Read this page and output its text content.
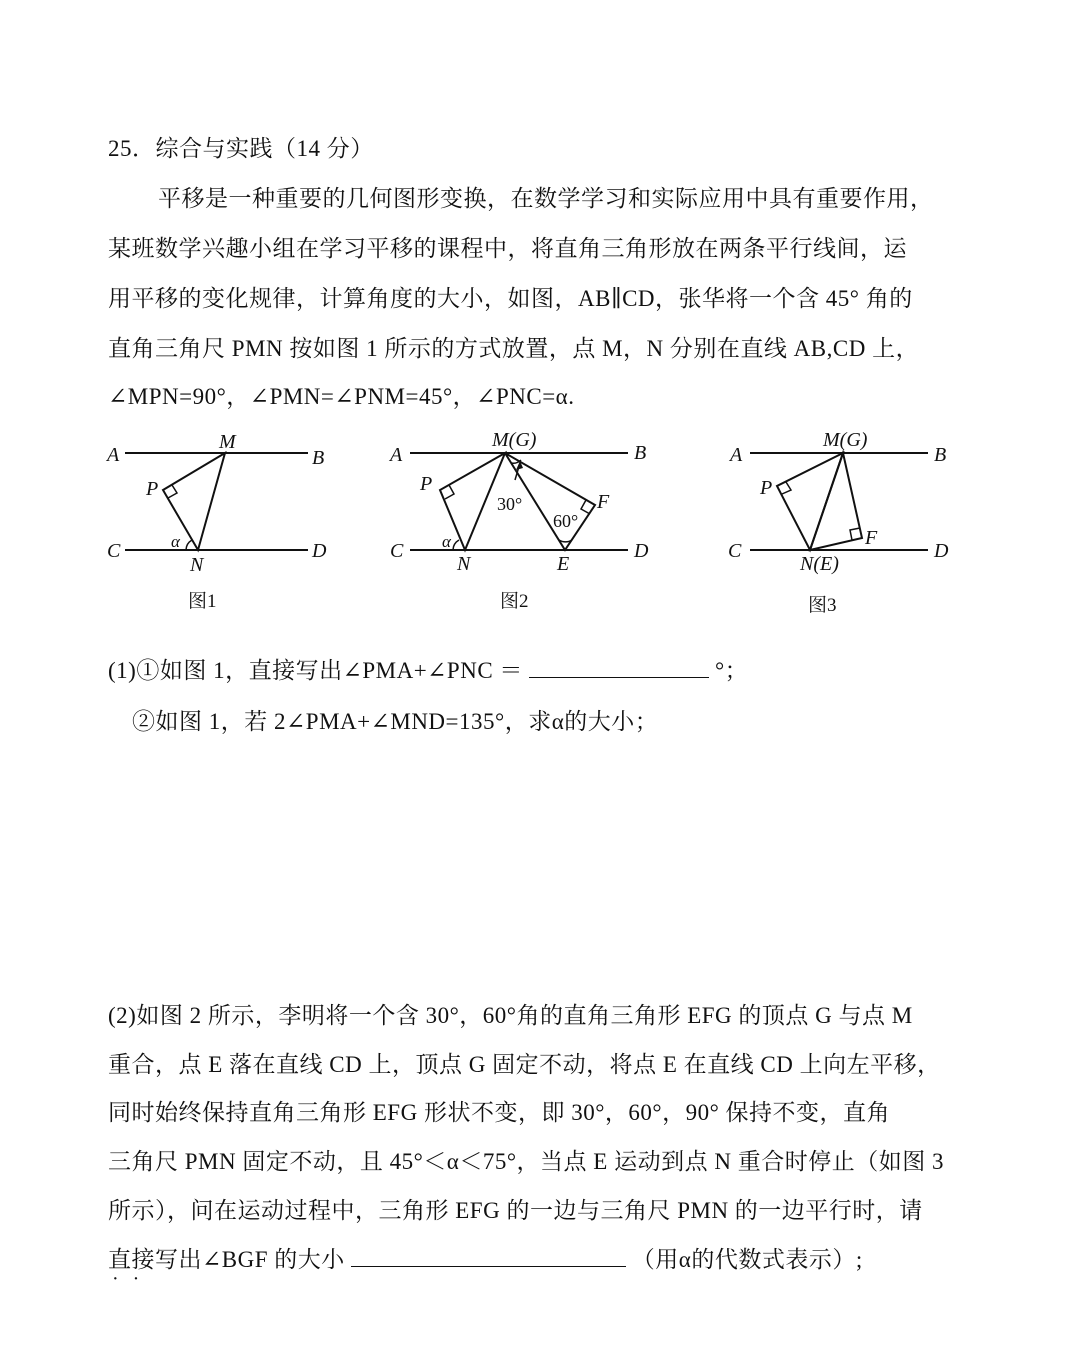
25．综合与实践（14 分）
平移是一种重要的几何图形变换，在数学学习和实际应用中具有重要作用，
某班数学兴趣小组在学习平移的课程中，将直角三角形放在两条平行线间，运
用平移的变化规律，计算角度的大小，如图，AB∥CD，张华将一个含 45° 角的
直角三角尺 PMN 按如图 1 所示的方式放置，点 M，N 分别在直线 AB,CD 上，
∠MPN=90°，∠PMN=∠PNM=45°，∠PNC=α.
A	B
C	D
M
N
P
α
图1
A	B
C	D
M(G)
N
P
E
F
α
30°
60°
图2
A	B
C	D
M(G)
N(E)
P
F
图3
(1)①如图 1，直接写出∠PMA+∠PNC ＝	°；
②如图 1，若 2∠PMA+∠MND=135°，求α的大小；
(2)如图 2 所示，李明将一个含 30°，60°角的直角三角形 EFG 的顶点 G 与点 M
重合，点 E 落在直线 CD 上，顶点 G 固定不动，将点 E 在直线 CD 上向左平移，
同时始终保持直角三角形 EFG 形状不变，即 30°，60°，90° 保持不变，直角
三角尺 PMN 固定不动，且 45°＜α＜75°，当点 E 运动到点 N 重合时停止（如图 3
所示），问在运动过程中，三角形 EFG 的一边与三角尺 PMN 的一边平行时，请
直接写出∠BGF 的大小	（用α的代数式表示）;
··
